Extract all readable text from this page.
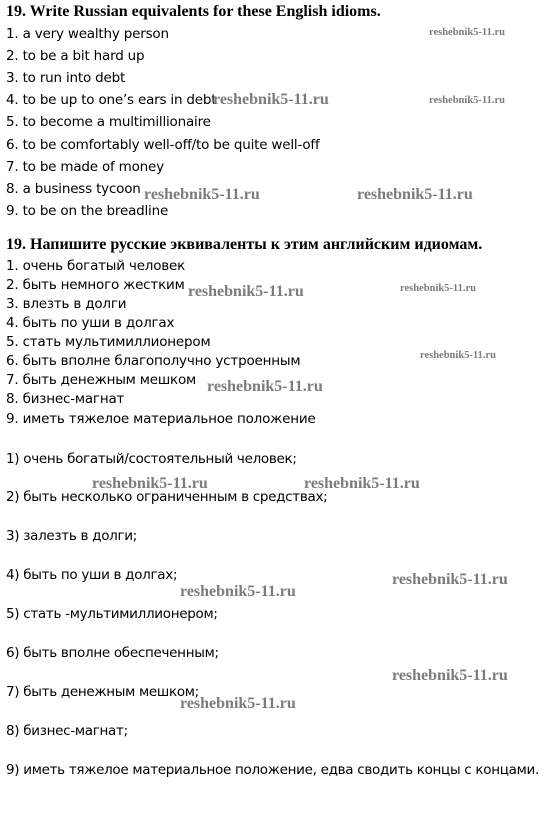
19. Write Russian equivalents for these English idioms.
1. a very wealthy person
2. to be a bit hard up
3. to run into debt
4. to be up to one’s ears in debt
5. to become a multimillionaire
6. to be comfortably well-off/to be quite well-off
7. to be made of money
8. a business tycoon
9. to be on the breadline
19. Напишите русские эквиваленты к этим английским идиомам.
1. очень богатый человек
2. быть немного жестким
3. влезть в долги
4. быть по уши в долгах
5. стать мультимиллионером
6. быть вполне благополучно устроенным
7. быть денежным мешком
8. бизнес-магнат
9. иметь тяжелое материальное положение
1) очень богатый/состоятельный человек;
2) быть несколько ограниченным в средствах;
3) залезть в долги;
4) быть по уши в долгах;
5) стать -мультимиллионером;
6) быть вполне обеспеченным;
7) быть денежным мешком;
8) бизнес-магнат;
9) иметь тяжелое материальное положение, едва сводить концы с концами.
reshebnik5-11.ru
reshebnik5-11.ru	reshebnik5-11.ru
reshebnik5-11.ru	reshebnik5-11.ru
reshebnik5-11.ru	reshebnik5-11.ru
reshebnik5-11.ru
reshebnik5-11.ru
reshebnik5-11.ru	reshebnik5-11.ru
reshebnik5-11.ru
reshebnik5-11.ru
reshebnik5-11.ru
reshebnik5-11.ru
